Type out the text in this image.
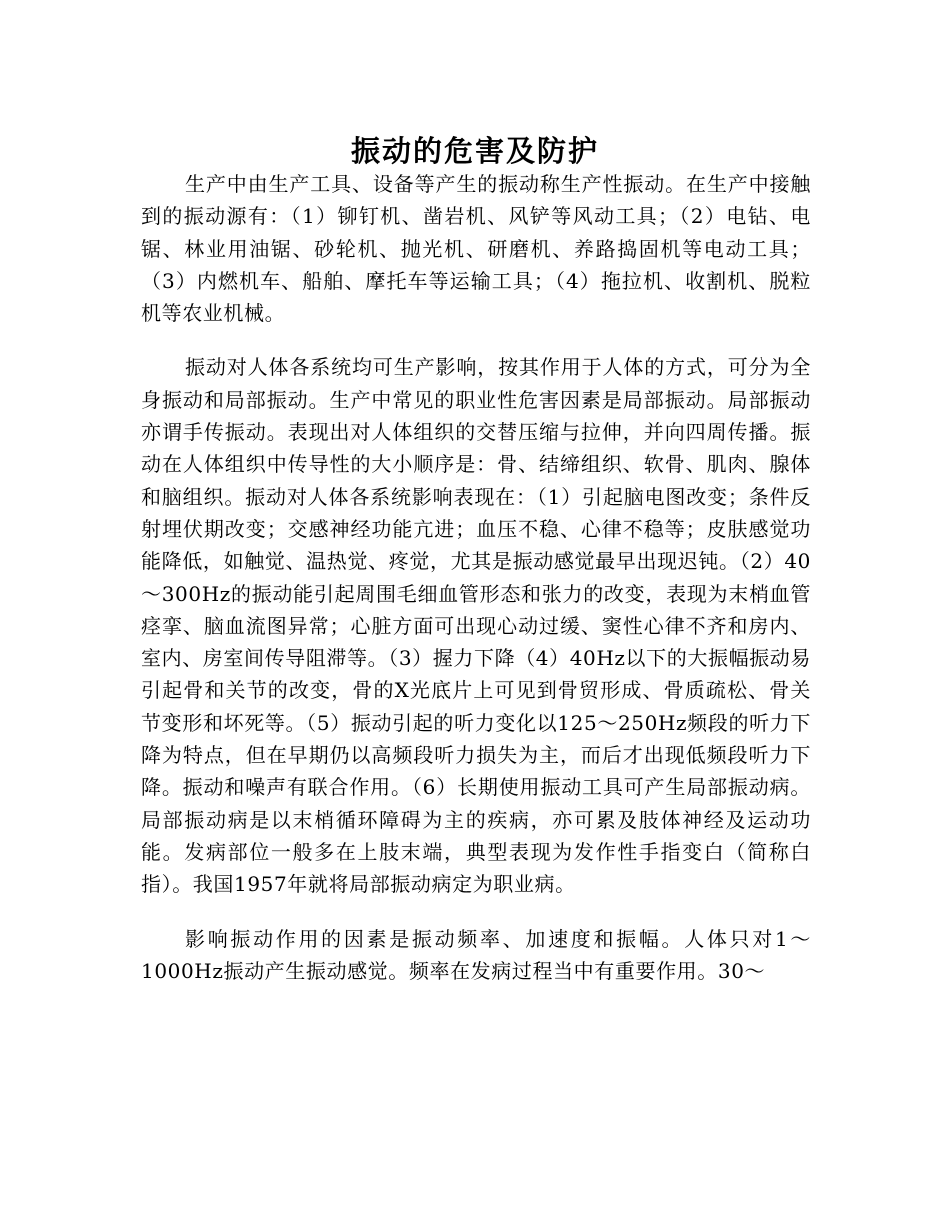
振动的危害及防护

生产中由生产工具、设备等产生的振动称生产性振动。在生产中接触到的振动源有：（1）铆钉机、凿岩机、风铲等风动工具；（2）电钻、电锯、林业用油锯、砂轮机、抛光机、研磨机、养路捣固机等电动工具；（3）内燃机车、船舶、摩托车等运输工具；（4）拖拉机、收割机、脱粒机等农业机械。

振动对人体各系统均可生产影响，按其作用于人体的方式，可分为全身振动和局部振动。生产中常见的职业性危害因素是局部振动。局部振动亦谓手传振动。表现出对人体组织的交替压缩与拉伸，并向四周传播。振动在人体组织中传导性的大小顺序是：骨、结缔组织、软骨、肌肉、腺体和脑组织。振动对人体各系统影响表现在：（1）引起脑电图改变；条件反射埋伏期改变；交感神经功能亢进；血压不稳、心律不稳等；皮肤感觉功能降低，如触觉、温热觉、疼觉，尤其是振动感觉最早出现迟钝。（2）40～300Hz的振动能引起周围毛细血管形态和张力的改变，表现为末梢血管痉挛、脑血流图异常；心脏方面可出现心动过缓、窦性心律不齐和房内、室内、房室间传导阻滞等。（3）握力下降（4）40Hz以下的大振幅振动易引起骨和关节的改变，骨的X光底片上可见到骨贸形成、骨质疏松、骨关节变形和坏死等。（5）振动引起的听力变化以125～250Hz频段的听力下降为特点，但在早期仍以高频段听力损失为主，而后才出现低频段听力下降。振动和噪声有联合作用。（6）长期使用振动工具可产生局部振动病。局部振动病是以末梢循环障碍为主的疾病，亦可累及肢体神经及运动功能。发病部位一般多在上肢末端，典型表现为发作性手指变白（简称白指）。我国1957年就将局部振动病定为职业病。

影响振动作用的因素是振动频率、加速度和振幅。人体只对1～1000Hz振动产生振动感觉。频率在发病过程当中有重要作用。30～
